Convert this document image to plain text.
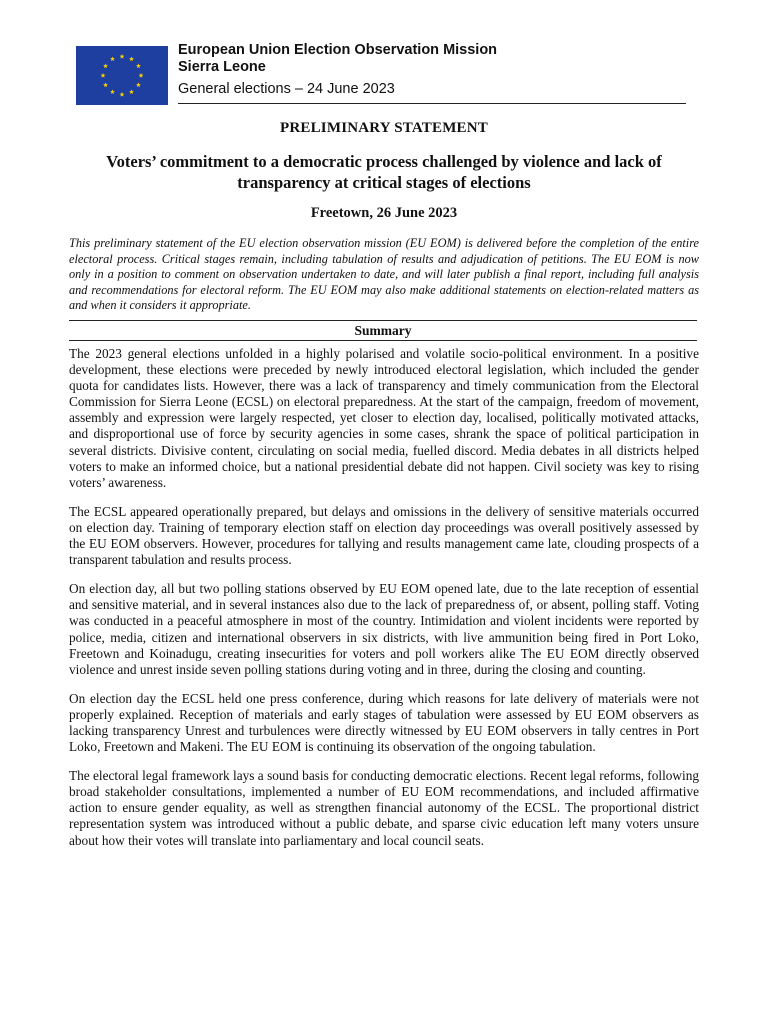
European Union Election Observation Mission
Sierra Leone
General elections – 24 June 2023
PRELIMINARY STATEMENT
Voters’ commitment to a democratic process challenged by violence and lack of transparency at critical stages of elections
Freetown, 26 June 2023
This preliminary statement of the EU election observation mission (EU EOM) is delivered before the completion of the entire electoral process. Critical stages remain, including tabulation of results and adjudication of petitions. The EU EOM is now only in a position to comment on observation undertaken to date, and will later publish a final report, including full analysis and recommendations for electoral reform. The EU EOM may also make additional statements on election-related matters as and when it considers it appropriate.
Summary

The 2023 general elections unfolded in a highly polarised and volatile socio-political environment. In a positive development, these elections were preceded by newly introduced electoral legislation, which included the gender quota for candidates lists. However, there was a lack of transparency and timely communication from the Electoral Commission for Sierra Leone (ECSL) on electoral preparedness. At the start of the campaign, freedom of movement, assembly and expression were largely respected, yet closer to election day, localised, politically motivated attacks, and disproportional use of force by security agencies in some cases, shrank the space of political participation in several districts. Divisive content, circulating on social media, fuelled discord. Media debates in all districts helped voters to make an informed choice, but a national presidential debate did not happen. Civil society was key to rising voters’ awareness.

The ECSL appeared operationally prepared, but delays and omissions in the delivery of sensitive materials occurred on election day. Training of temporary election staff on election day proceedings was overall positively assessed by the EU EOM observers. However, procedures for tallying and results management came late, clouding prospects of a transparent tabulation and results process.

On election day, all but two polling stations observed by EU EOM opened late, due to the late reception of essential and sensitive material, and in several instances also due to the lack of preparedness of, or absent, polling staff. Voting was conducted in a peaceful atmosphere in most of the country. Intimidation and violent incidents were reported by police, media, citizen and international observers in six districts, with live ammunition being fired in Port Loko, Freetown and Koinadugu, creating insecurities for voters and poll workers alike The EU EOM directly observed violence and unrest inside seven polling stations during voting and in three, during the closing and counting.

On election day the ECSL held one press conference, during which reasons for late delivery of materials were not properly explained. Reception of materials and early stages of tabulation were assessed by EU EOM observers as lacking transparency Unrest and turbulences were directly witnessed by EU EOM observers in tally centres in Port Loko, Freetown and Makeni. The EU EOM is continuing its observation of the ongoing tabulation.

The electoral legal framework lays a sound basis for conducting democratic elections. Recent legal reforms, following broad stakeholder consultations, implemented a number of EU EOM recommendations, and included affirmative action to ensure gender equality, as well as strengthen financial autonomy of the ECSL. The proportional district representation system was introduced without a public debate, and sparse civic education left many voters unsure about how their votes will translate into parliamentary and local council seats.
